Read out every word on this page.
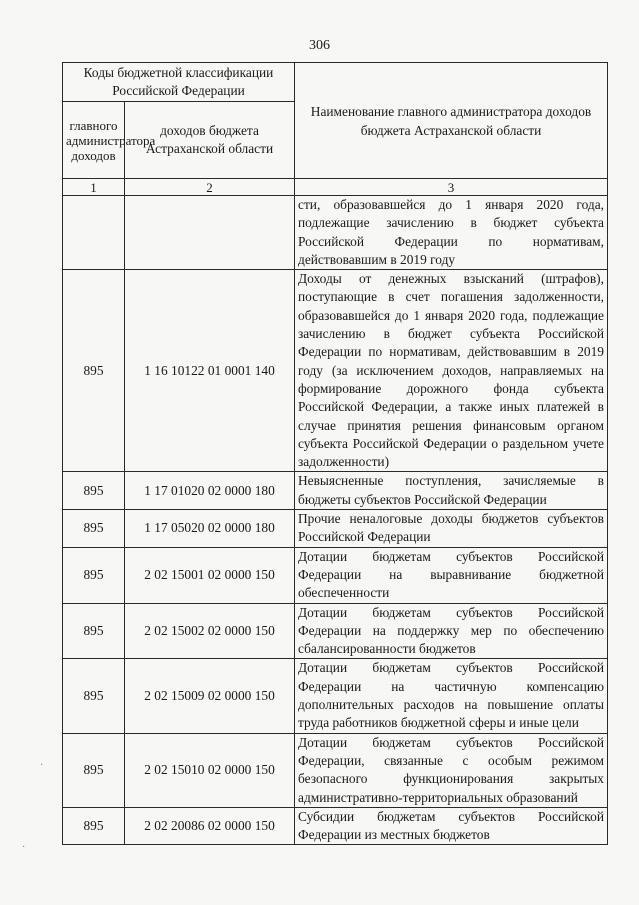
306
Коды бюджетной классификации Российской Федерации		Наименование главного администратора доходов бюджета Астраханской области
главного администратора доходов	доходов бюджета Астраханской области	
1	2	3
		сти, образовавшейся до 1 января 2020 года, подлежащие зачислению в бюджет субъекта Российской Федерации по нормативам, действовавшим в 2019 году
895	1 16 10122 01 0001 140	Доходы от денежных взысканий (штрафов), поступающие в счет погашения задолженности, образовавшейся до 1 января 2020 года, подлежащие зачислению в бюджет субъекта Российской Федерации по нормативам, действовавшим в 2019 году (за исключением доходов, направляемых на формирование дорожного фонда субъекта Российской Федерации, а также иных платежей в случае принятия решения финансовым органом субъекта Российской Федерации о раздельном учете задолженности)
895	1 17 01020 02 0000 180	Невыясненные поступления, зачисляемые в бюджеты субъектов Российской Федерации
895	1 17 05020 02 0000 180	Прочие неналоговые доходы бюджетов субъектов Российской Федерации
895	2 02 15001 02 0000 150	Дотации бюджетам субъектов Российской Федерации на выравнивание бюджетной обеспеченности
895	2 02 15002 02 0000 150	Дотации бюджетам субъектов Российской Федерации на поддержку мер по обеспечению сбалансированности бюджетов
895	2 02 15009 02 0000 150	Дотации бюджетам субъектов Российской Федерации на частичную компенсацию дополнительных расходов на повышение оплаты труда работников бюджетной сферы и иные цели
895	2 02 15010 02 0000 150	Дотации бюджетам субъектов Российской Федерации, связанные с особым режимом безопасного функционирования закрытых административно-территориальных образований
895	2 02 20086 02 0000 150	Субсидии бюджетам субъектов Российской Федерации из местных бюджетов
·
·
